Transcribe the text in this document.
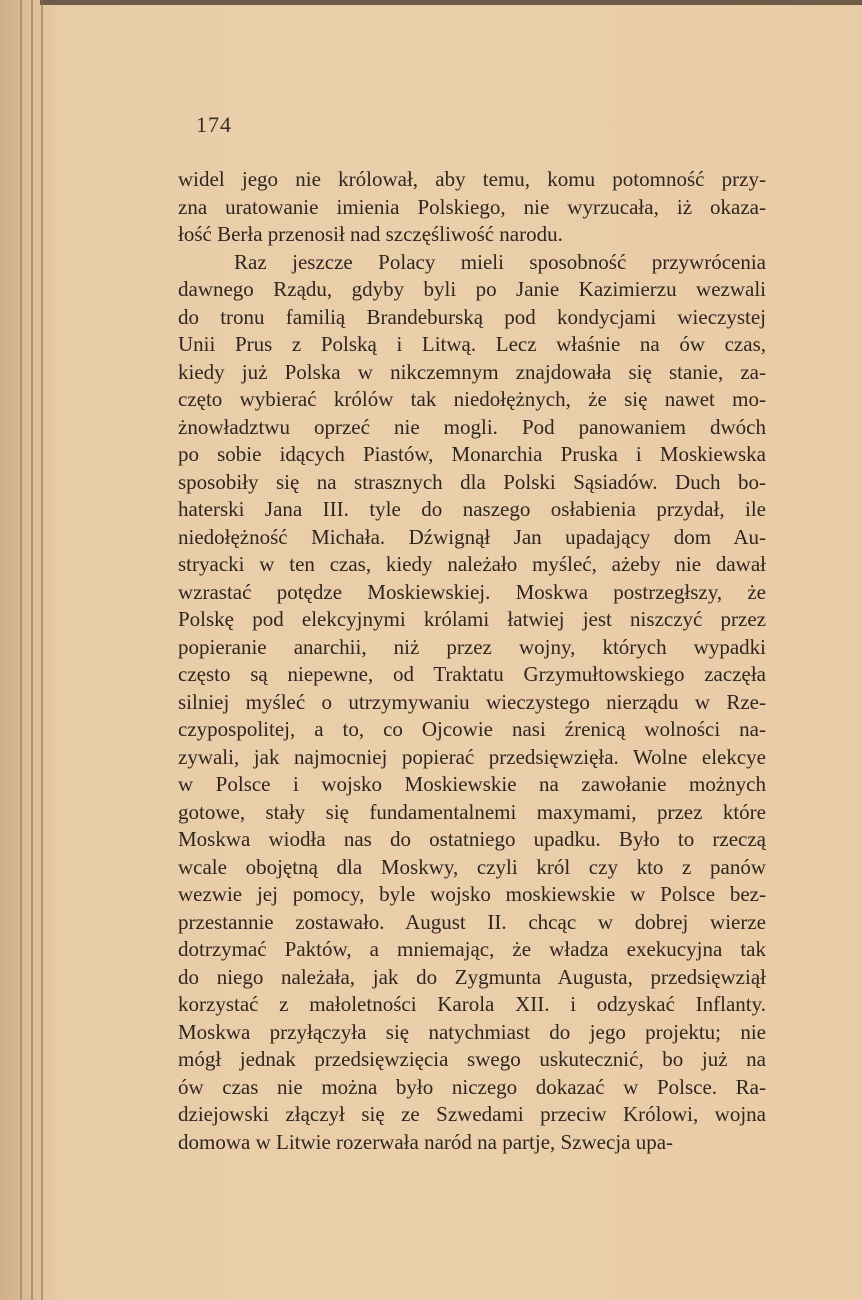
174
widel jego nie królował, aby temu, komu potomność przy-
zna uratowanie imienia Polskiego, nie wyrzucała, iż okaza-
łość Berła przenosił nad szczęśliwość narodu.
Raz jeszcze Polacy mieli sposobność przywrócenia
dawnego Rządu, gdyby byli po Janie Kazimierzu wezwali
do tronu familią Brandeburską pod kondycjami wieczystej
Unii Prus z Polską i Litwą. Lecz właśnie na ów czas,
kiedy już Polska w nikczemnym znajdowała się stanie, za-
częto wybierać królów tak niedołężnych, że się nawet mo-
żnowładztwu oprzeć nie mogli. Pod panowaniem dwóch
po sobie idących Piastów, Monarchia Pruska i Moskiewska
sposobiły się na strasznych dla Polski Sąsiadów. Duch bo-
haterski Jana III. tyle do naszego osłabienia przydał, ile
niedołężność Michała. Dźwignął Jan upadający dom Au-
stryacki w ten czas, kiedy należało myśleć, ażeby nie dawał
wzrastać potędze Moskiewskiej. Moskwa postrzegłszy, że
Polskę pod elekcyjnymi królami łatwiej jest niszczyć przez
popieranie anarchii, niż przez wojny, których wypadki
często są niepewne, od Traktatu Grzymułtowskiego zaczęła
silniej myśleć o utrzymywaniu wieczystego nierządu w Rze-
czypospolitej, a to, co Ojcowie nasi źrenicą wolności na-
zywali, jak najmocniej popierać przedsięwzięła. Wolne elekcye
w Polsce i wojsko Moskiewskie na zawołanie możnych
gotowe, stały się fundamentalnemi maxymami, przez które
Moskwa wiodła nas do ostatniego upadku. Było to rzeczą
wcale obojętną dla Moskwy, czyli król czy kto z panów
wezwie jej pomocy, byle wojsko moskiewskie w Polsce bez-
przestannie zostawało. August II. chcąc w dobrej wierze
dotrzymać Paktów, a mniemając, że władza exekucyjna tak
do niego należała, jak do Zygmunta Augusta, przedsięwziął
korzystać z małoletności Karola XII. i odzyskać Inflanty.
Moskwa przyłączyła się natychmiast do jego projektu; nie
mógł jednak przedsięwzięcia swego uskutecznić, bo już na
ów czas nie można było niczego dokazać w Polsce. Ra-
dziejowski złączył się ze Szwedami przeciw Królowi, wojna
domowa w Litwie rozerwała naród na partje, Szwecja upa-
